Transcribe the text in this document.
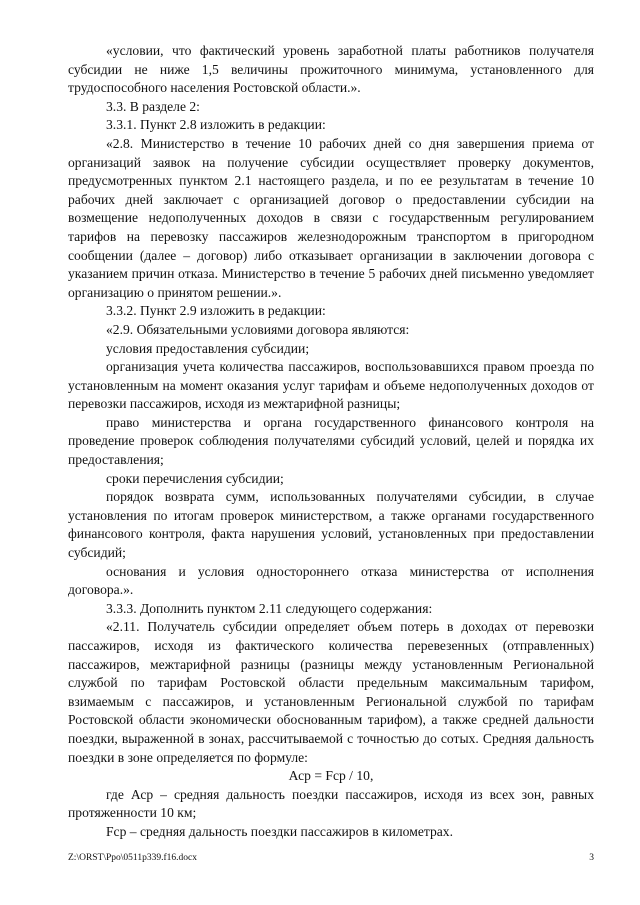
«условии, что фактический уровень заработной платы работников получателя субсидии не ниже 1,5 величины прожиточного минимума, установленного для трудоспособного населения Ростовской области.».

3.3. В разделе 2:

3.3.1. Пункт 2.8 изложить в редакции:

«2.8. Министерство в течение 10 рабочих дней со дня завершения приема от организаций заявок на получение субсидии осуществляет проверку документов, предусмотренных пунктом 2.1 настоящего раздела, и по ее результатам в течение 10 рабочих дней заключает с организацией договор о предоставлении субсидии на возмещение недополученных доходов в связи с государственным регулированием тарифов на перевозку пассажиров железнодорожным транспортом в пригородном сообщении (далее – договор) либо отказывает организации в заключении договора с указанием причин отказа. Министерство в течение 5 рабочих дней письменно уведомляет организацию о принятом решении.».

3.3.2. Пункт 2.9 изложить в редакции:

«2.9. Обязательными условиями договора являются:

условия предоставления субсидии;

организация учета количества пассажиров, воспользовавшихся правом проезда по установленным на момент оказания услуг тарифам и объеме недополученных доходов от перевозки пассажиров, исходя из межтарифной разницы;

право министерства и органа государственного финансового контроля на проведение проверок соблюдения получателями субсидий условий, целей и порядка их предоставления;

сроки перечисления субсидии;

порядок возврата сумм, использованных получателями субсидии, в случае установления по итогам проверок министерством, а также органами государственного финансового контроля, факта нарушения условий, установленных при предоставлении субсидий;

основания и условия одностороннего отказа министерства от исполнения договора.».

3.3.3. Дополнить пунктом 2.11 следующего содержания:

«2.11. Получатель субсидии определяет объем потерь в доходах от перевозки пассажиров, исходя из фактического количества перевезенных (отправленных) пассажиров, межтарифной разницы (разницы между установленным Региональной службой по тарифам Ростовской области предельным максимальным тарифом, взимаемым с пассажиров, и установленным Региональной службой по тарифам Ростовской области экономически обоснованным тарифом), а также средней дальности поездки, выраженной в зонах, рассчитываемой с точностью до сотых. Средняя дальность поездки в зоне определяется по формуле:

Аср = Fср / 10,

где Аср – средняя дальность поездки пассажиров, исходя из всех зон, равных протяженности 10 км;

Fср – средняя дальность поездки пассажиров в километрах.

Z:\ORST\Ppo\0511p339.f16.docx	3
